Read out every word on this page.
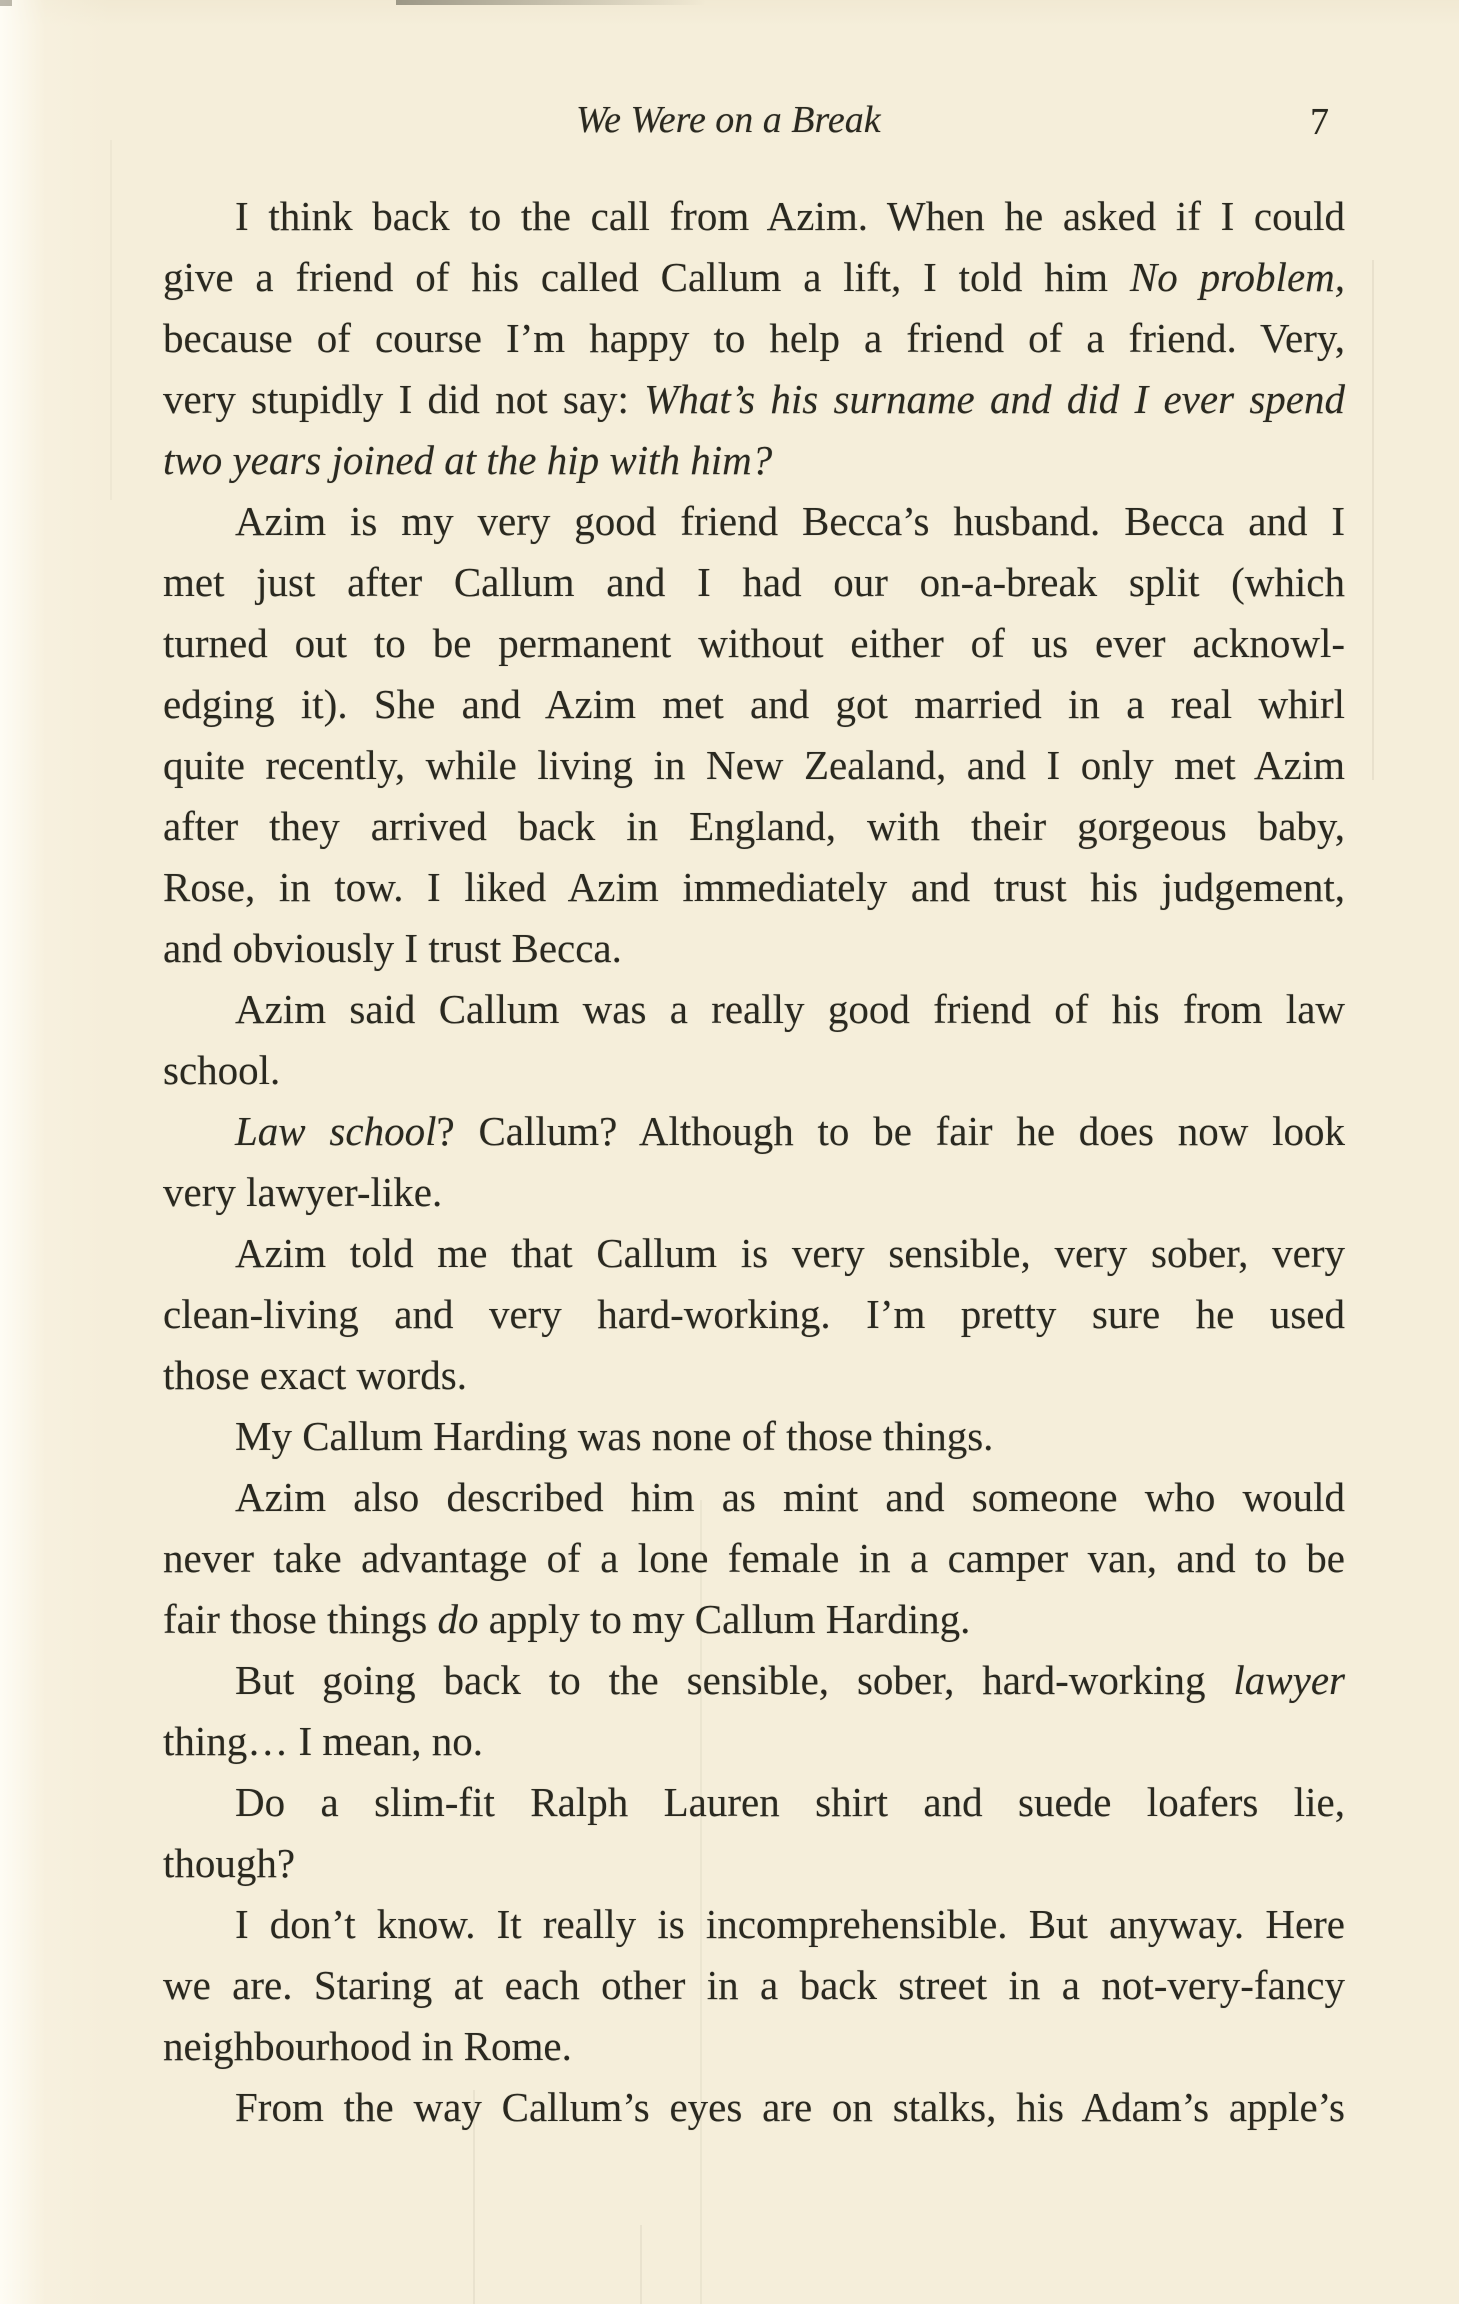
We Were on a Break	7
I think back to the call from Azim. When he asked if I could
give a friend of his called Callum a lift, I told him No problem,
because of course I’m happy to help a friend of a friend. Very,
very stupidly I did not say: What’s his surname and did I ever spend
two years joined at the hip with him?
Azim is my very good friend Becca’s husband. Becca and I
met just after Callum and I had our on-a-break split (which
turned out to be permanent without either of us ever acknowl-
edging it). She and Azim met and got married in a real whirl
quite recently, while living in New Zealand, and I only met Azim
after they arrived back in England, with their gorgeous baby,
Rose, in tow. I liked Azim immediately and trust his judgement,
and obviously I trust Becca.
Azim said Callum was a really good friend of his from law
school.
Law school? Callum? Although to be fair he does now look
very lawyer-like.
Azim told me that Callum is very sensible, very sober, very
clean-living and very hard-working. I’m pretty sure he used
those exact words.
My Callum Harding was none of those things.
Azim also described him as mint and someone who would
never take advantage of a lone female in a camper van, and to be
fair those things do apply to my Callum Harding.
But going back to the sensible, sober, hard-working lawyer
thing… I mean, no.
Do a slim-fit Ralph Lauren shirt and suede loafers lie,
though?
I don’t know. It really is incomprehensible. But anyway. Here
we are. Staring at each other in a back street in a not-very-fancy
neighbourhood in Rome.
From the way Callum’s eyes are on stalks, his Adam’s apple’s
